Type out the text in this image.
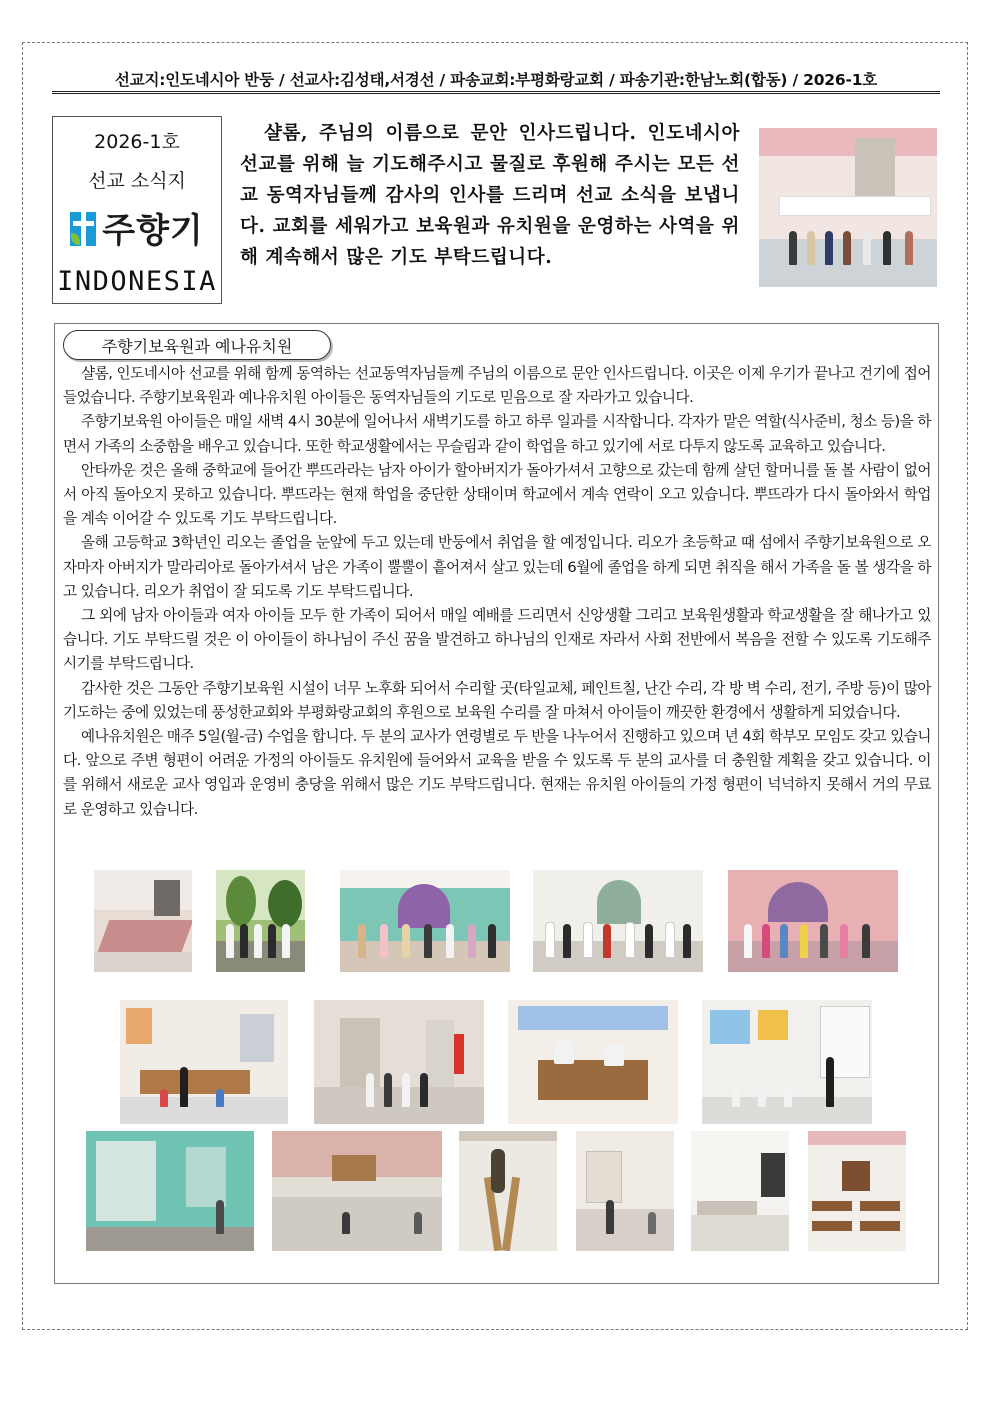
선교지:인도네시아 반둥 / 선교사:김성태,서경선 / 파송교회:부평화랑교회 / 파송기관:한남노회(합동) / 2026-1호
2026-1호
선교 소식지
주향기
INDONESIA
샬롬, 주님의 이름으로 문안 인사드립니다. 인도네시아 선교를 위해 늘 기도해주시고 물질로 후원해 주시는 모든 선교 동역자님들께 감사의 인사를 드리며 선교 소식을 보냅니다. 교회를 세워가고 보육원과 유치원을 운영하는 사역을 위해 계속해서 많은 기도 부탁드립니다.
주향기보육원과 예나유치원

샬롬, 인도네시아 선교를 위해 함께 동역하는 선교동역자님들께 주님의 이름으로 문안 인사드립니다. 이곳은 이제 우기가 끝나고 건기에 접어들었습니다. 주향기보육원과 예나유치원 아이들은 동역자님들의 기도로 믿음으로 잘 자라가고 있습니다.

주향기보육원 아이들은 매일 새벽 4시 30분에 일어나서 새벽기도를 하고 하루 일과를 시작합니다. 각자가 맡은 역할(식사준비, 청소 등)을 하면서 가족의 소중함을 배우고 있습니다. 또한 학교생활에서는 무슬림과 같이 학업을 하고 있기에 서로 다투지 않도록 교육하고 있습니다.

안타까운 것은 올해 중학교에 들어간 뿌뜨라라는 남자 아이가 할아버지가 돌아가셔서 고향으로 갔는데 함께 살던 할머니를 돌 볼 사람이 없어서 아직 돌아오지 못하고 있습니다. 뿌뜨라는 현재 학업을 중단한 상태이며 학교에서 계속 연락이 오고 있습니다. 뿌뜨라가 다시 돌아와서 학업을 계속 이어갈 수 있도록 기도 부탁드립니다.

올해 고등학교 3학년인 리오는 졸업을 눈앞에 두고 있는데 반둥에서 취업을 할 예정입니다. 리오가 초등학교 때 섬에서 주향기보육원으로 오자마자 아버지가 말라리아로 돌아가셔서 남은 가족이 뿔뿔이 흩어져서 살고 있는데 6월에 졸업을 하게 되면 취직을 해서 가족을 돌 볼 생각을 하고 있습니다. 리오가 취업이 잘 되도록 기도 부탁드립니다.

그 외에 남자 아이들과 여자 아이들 모두 한 가족이 되어서 매일 예배를 드리면서 신앙생활 그리고 보육원생활과 학교생활을 잘 해나가고 있습니다. 기도 부탁드릴 것은 이 아이들이 하나님이 주신 꿈을 발견하고 하나님의 인재로 자라서 사회 전반에서 복음을 전할 수 있도록 기도해주시기를 부탁드립니다.

감사한 것은 그동안 주향기보육원 시설이 너무 노후화 되어서 수리할 곳(타일교체, 페인트칠, 난간 수리, 각 방 벽 수리, 전기, 주방 등)이 많아 기도하는 중에 있었는데 풍성한교회와 부평화랑교회의 후원으로 보육원 수리를 잘 마쳐서 아이들이 깨끗한 환경에서 생활하게 되었습니다.

예나유치원은 매주 5일(월-금) 수업을 합니다. 두 분의 교사가 연령별로 두 반을 나누어서 진행하고 있으며 년 4회 학부모 모임도 갖고 있습니다. 앞으로 주변 형편이 어려운 가정의 아이들도 유치원에 들어와서 교육을 받을 수 있도록 두 분의 교사를 더 충원할 계획을 갖고 있습니다. 이를 위해서 새로운 교사 영입과 운영비 충당을 위해서 많은 기도 부탁드립니다. 현재는 유치원 아이들의 가정 형편이 넉넉하지 못해서 거의 무료로 운영하고 있습니다.
